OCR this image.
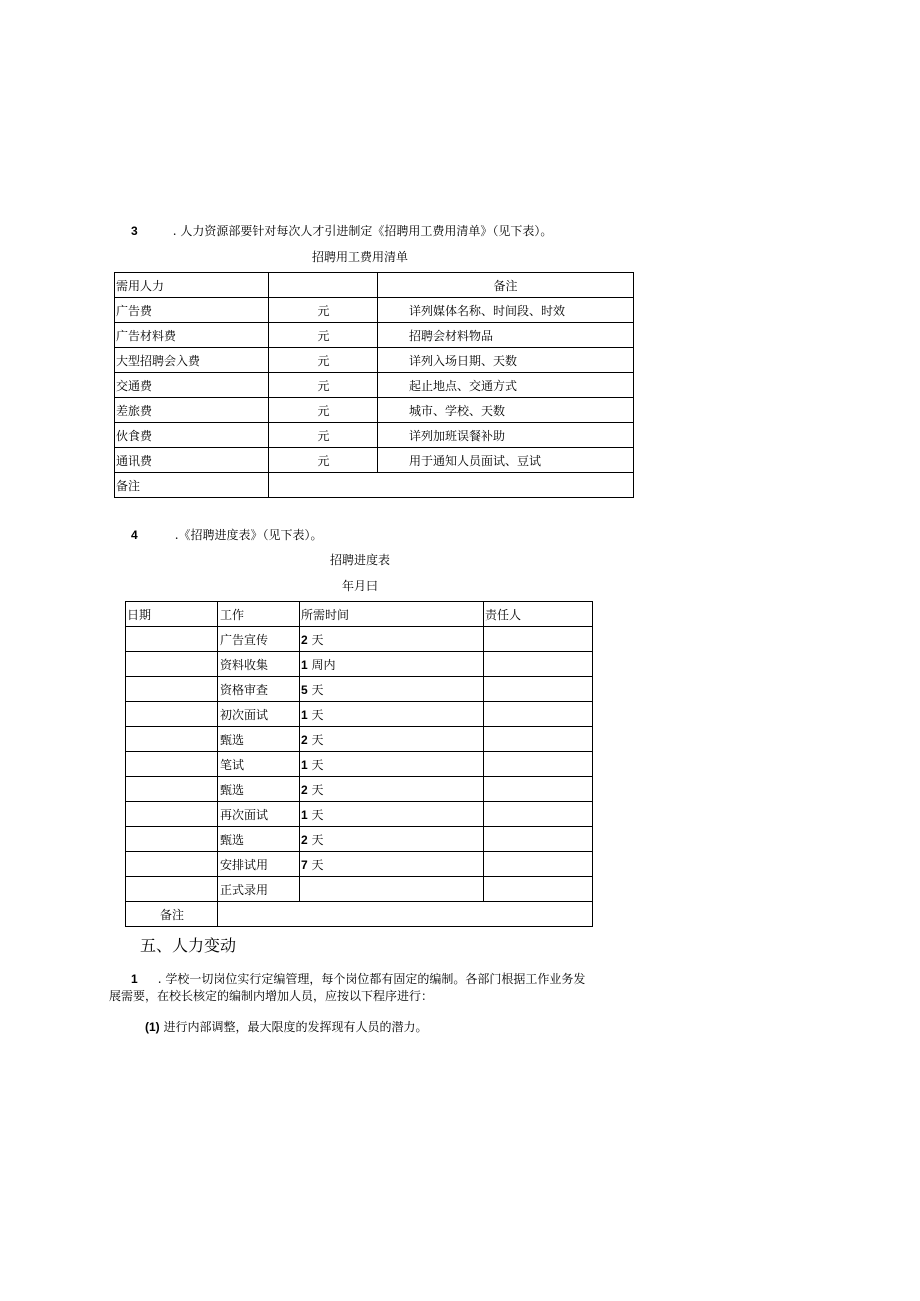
3	. 人力资源部要针对每次人才引进制定《招聘用工费用清单》（见下表）。
招聘用工费用清单
需用人力		备注
广告费	元	详列媒体名称、时间段、时效
广告材料费	元	招聘会材料物品
大型招聘会入费	元	详列入场日期、天数
交通费	元	起止地点、交通方式
差旅费	元	城市、学校、天数
伙食费	元	详列加班误餐补助
通讯费	元	用于通知人员面试、豆试
备注		
4	.《招聘进度表》（见下表）。
招聘进度表
年月曰
日期	工作	所需时间	责任人
	广告宣传	2 天	
	资料收集	1 周内	
	资格审查	5 天	
	初次面试	1 天	
	甄选	2 天	
	笔试	1 天	
	甄选	2 天	
	再次面试	1 天	
	甄选	2 天	
	安排试用	7 天	
	正式录用		
备注			
五、人力变动
1 . 学校一切岗位实行定编管理，每个岗位都有固定的编制。各部门根据工作业务发
展需要，在校长核定的编制内增加人员，应按以下程序进行：
(1) 进行内部调整，最大限度的发挥现有人员的潜力。
